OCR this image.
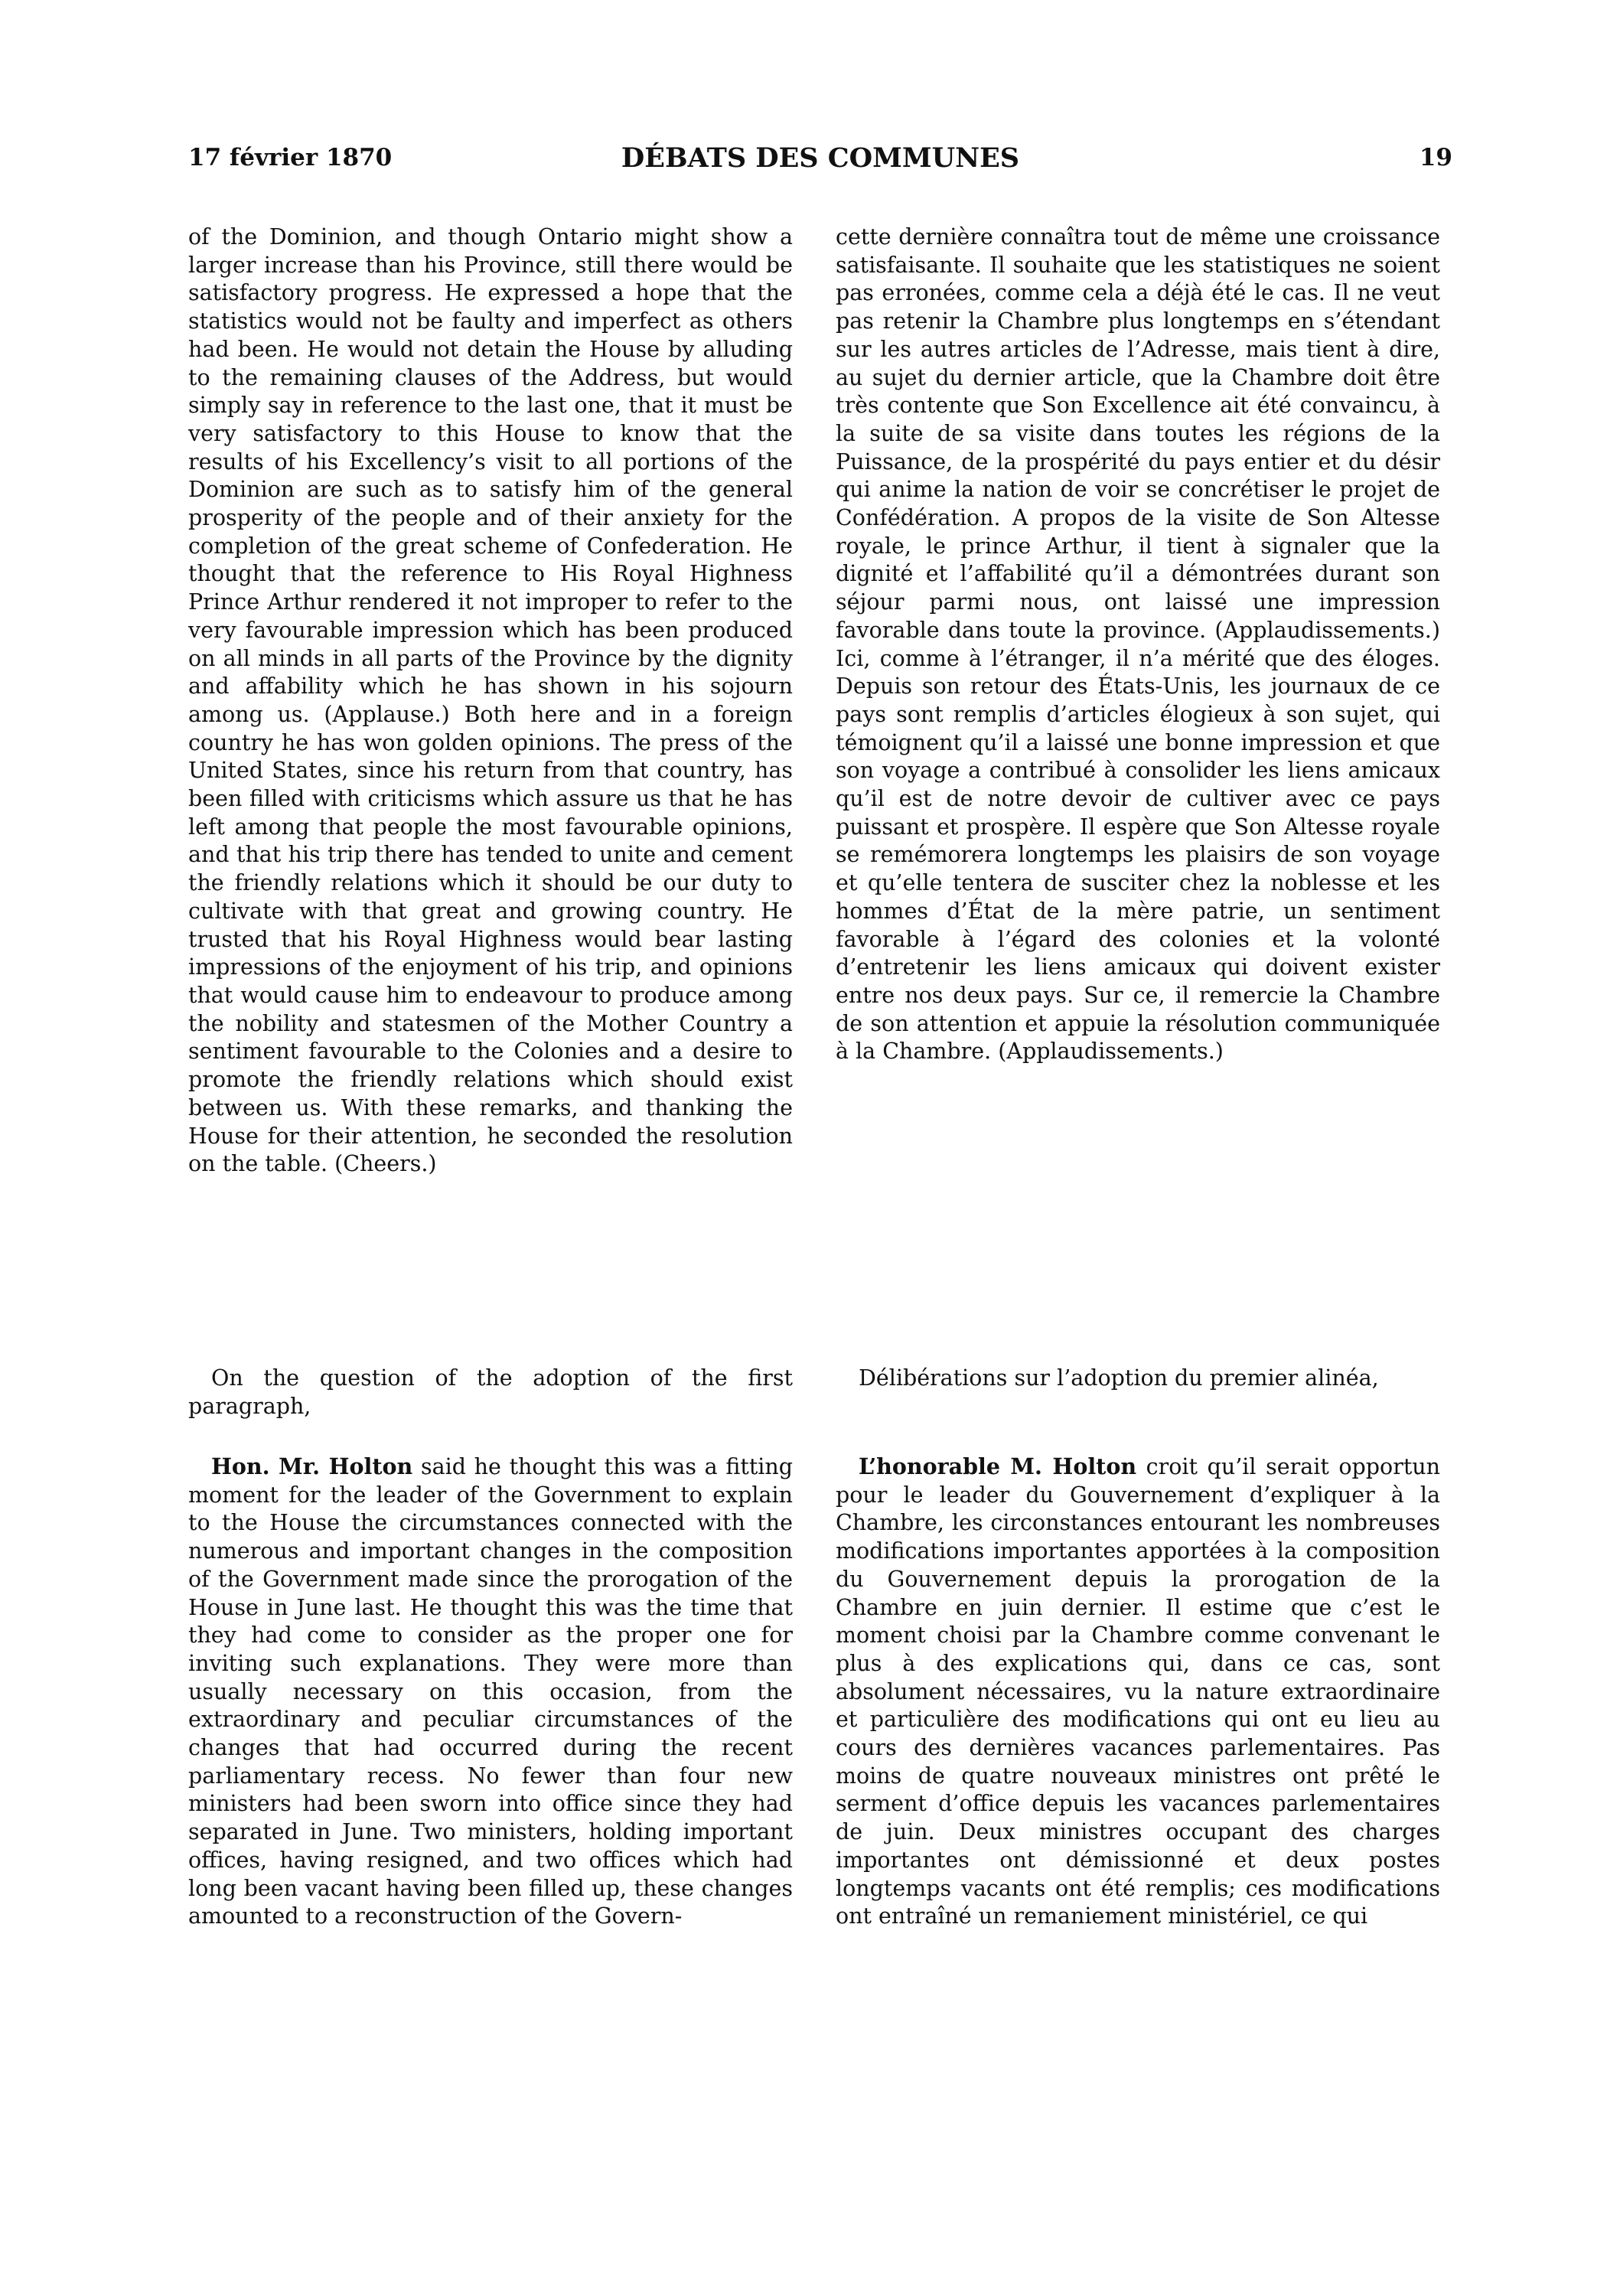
17 février 1870	DÉBATS DES COMMUNES	19

of the Dominion, and though Ontario might show a larger increase than his Province, still there would be satisfactory progress. He expressed a hope that the statistics would not be faulty and imperfect as others had been. He would not detain the House by alluding to the remaining clauses of the Address, but would simply say in reference to the last one, that it must be very satisfactory to this House to know that the results of his Excellency’s visit to all portions of the Dominion are such as to satisfy him of the general prosperity of the people and of their anxiety for the completion of the great scheme of Confederation. He thought that the reference to His Royal Highness Prince Arthur rendered it not improper to refer to the very favourable impression which has been produced on all minds in all parts of the Province by the dignity and affability which he has shown in his sojourn among us. (Applause.) Both here and in a foreign country he has won golden opinions. The press of the United States, since his return from that country, has been filled with criticisms which assure us that he has left among that people the most favourable opinions, and that his trip there has tended to unite and cement the friendly relations which it should be our duty to cultivate with that great and growing country. He trusted that his Royal Highness would bear lasting impressions of the enjoyment of his trip, and opinions that would cause him to endeavour to produce among the nobility and statesmen of the Mother Country a sentiment favourable to the Colonies and a desire to promote the friendly relations which should exist between us. With these remarks, and thanking the House for their attention, he seconded the resolution on the table. (Cheers.)

On the question of the adoption of the first paragraph,

Hon. Mr. Holton said he thought this was a fitting moment for the leader of the Government to explain to the House the circumstances connected with the numerous and important changes in the composition of the Government made since the prorogation of the House in June last. He thought this was the time that they had come to consider as the proper one for inviting such explanations. They were more than usually necessary on this occasion, from the extraordinary and peculiar circumstances of the changes that had occurred during the recent parliamentary recess. No fewer than four new ministers had been sworn into office since they had separated in June. Two ministers, holding important offices, having resigned, and two offices which had long been vacant having been filled up, these changes amounted to a reconstruction of the Govern-

cette dernière connaîtra tout de même une croissance satisfaisante. Il souhaite que les statistiques ne soient pas erronées, comme cela a déjà été le cas. Il ne veut pas retenir la Chambre plus longtemps en s’étendant sur les autres articles de l’Adresse, mais tient à dire, au sujet du dernier article, que la Chambre doit être très contente que Son Excellence ait été convaincu, à la suite de sa visite dans toutes les régions de la Puissance, de la prospérité du pays entier et du désir qui anime la nation de voir se concrétiser le projet de Confédération. A propos de la visite de Son Altesse royale, le prince Arthur, il tient à signaler que la dignité et l’affabilité qu’il a démontrées durant son séjour parmi nous, ont laissé une impression favorable dans toute la province. (Applaudissements.) Ici, comme à l’étranger, il n’a mérité que des éloges. Depuis son retour des États-Unis, les journaux de ce pays sont remplis d’articles élogieux à son sujet, qui témoignent qu’il a laissé une bonne impression et que son voyage a contribué à consolider les liens amicaux qu’il est de notre devoir de cultiver avec ce pays puissant et prospère. Il espère que Son Altesse royale se remémorera longtemps les plaisirs de son voyage et qu’elle tentera de susciter chez la noblesse et les hommes d’État de la mère patrie, un sentiment favorable à l’égard des colonies et la volonté d’entretenir les liens amicaux qui doivent exister entre nos deux pays. Sur ce, il remercie la Chambre de son attention et appuie la résolution communiquée à la Chambre. (Applaudissements.)

Délibérations sur l’adoption du premier alinéa,

L’honorable M. Holton croit qu’il serait opportun pour le leader du Gouvernement d’expliquer à la Chambre, les circonstances entourant les nombreuses modifications importantes apportées à la composition du Gouvernement depuis la prorogation de la Chambre en juin dernier. Il estime que c’est le moment choisi par la Chambre comme convenant le plus à des explications qui, dans ce cas, sont absolument nécessaires, vu la nature extraordinaire et particulière des modifications qui ont eu lieu au cours des dernières vacances parlementaires. Pas moins de quatre nouveaux ministres ont prêté le serment d’office depuis les vacances parlementaires de juin. Deux ministres occupant des charges importantes ont démissionné et deux postes longtemps vacants ont été remplis; ces modifications ont entraîné un remaniement ministériel, ce qui
